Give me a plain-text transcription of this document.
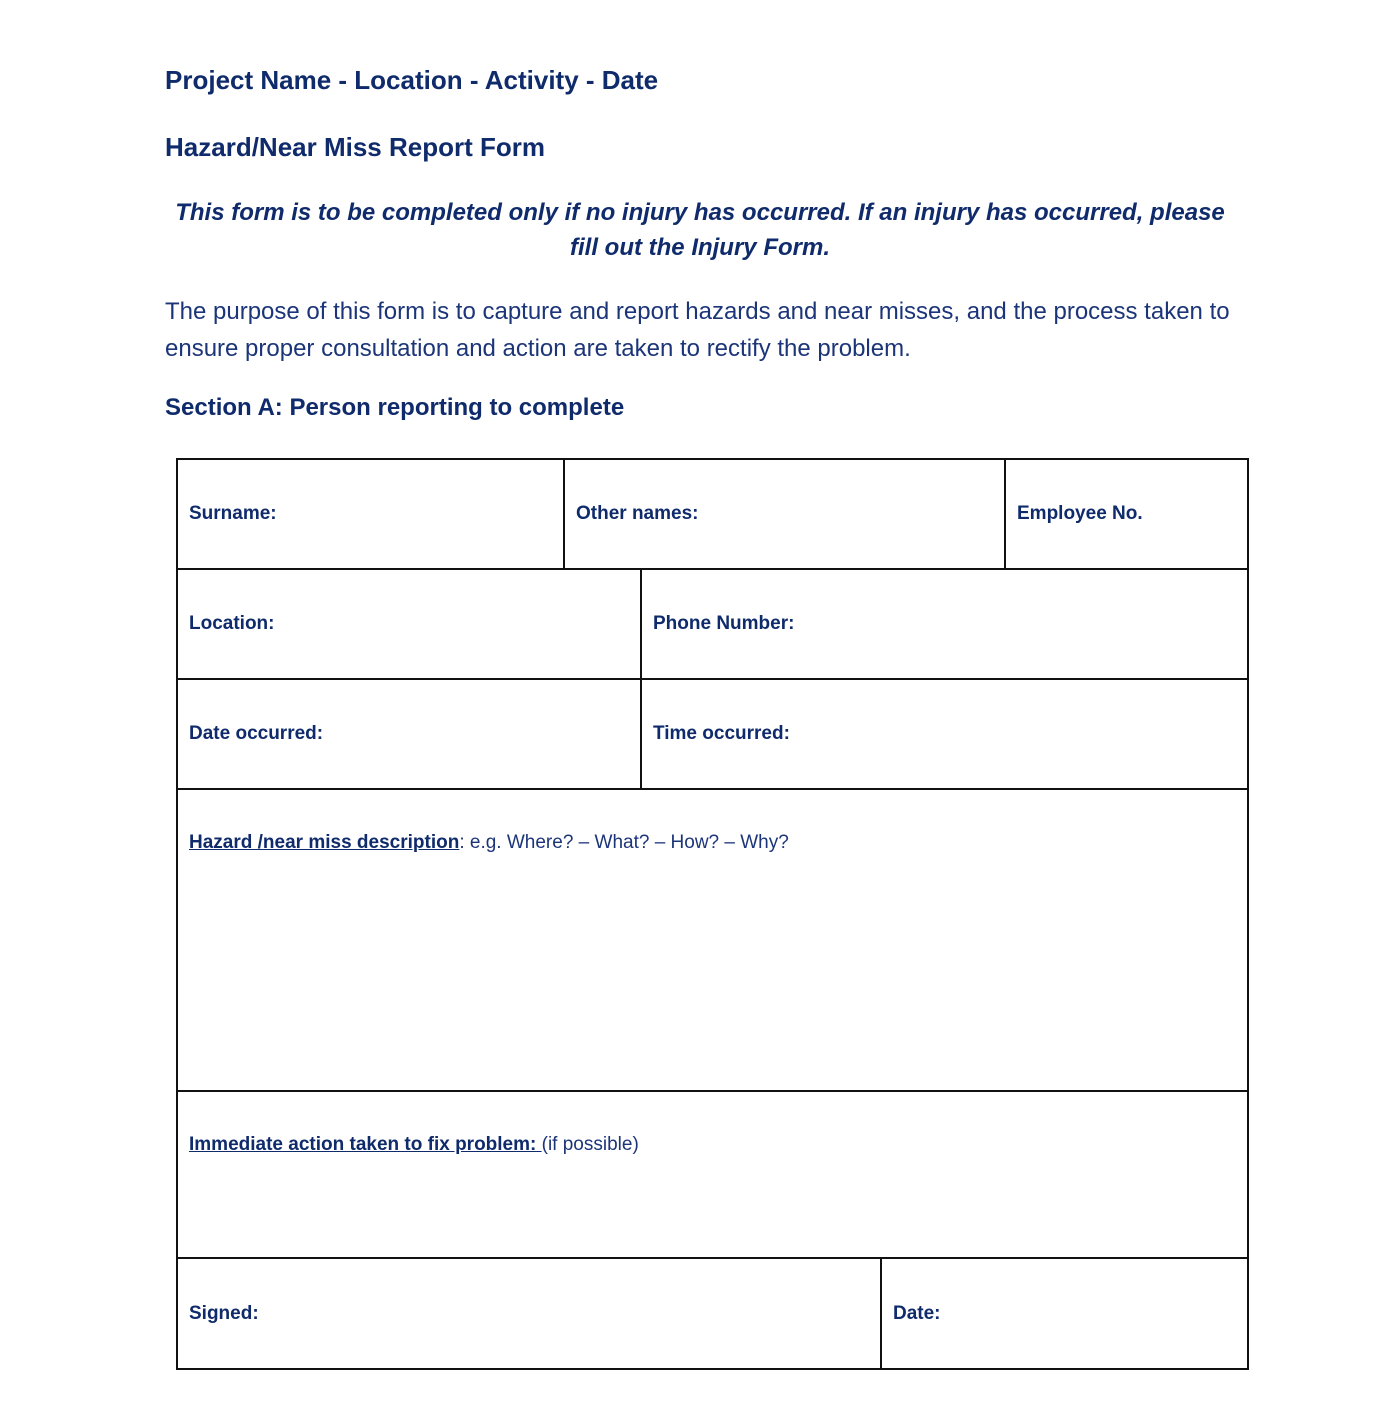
Project Name - Location - Activity - Date
Hazard/Near Miss Report Form

This form is to be completed only if no injury has occurred. If an injury has occurred, please fill out the Injury Form.

The purpose of this form is to capture and report hazards and near misses, and the process taken to ensure proper consultation and action are taken to rectify the problem.

Section A: Person reporting to complete
Surname:	Other names:	Employee No.
Location:	Phone Number:
Date occurred:	Time occurred:
Hazard /near miss description: e.g. Where? – What? – How? – Why?
Immediate action taken to fix problem: (if possible)
Signed:	Date:
